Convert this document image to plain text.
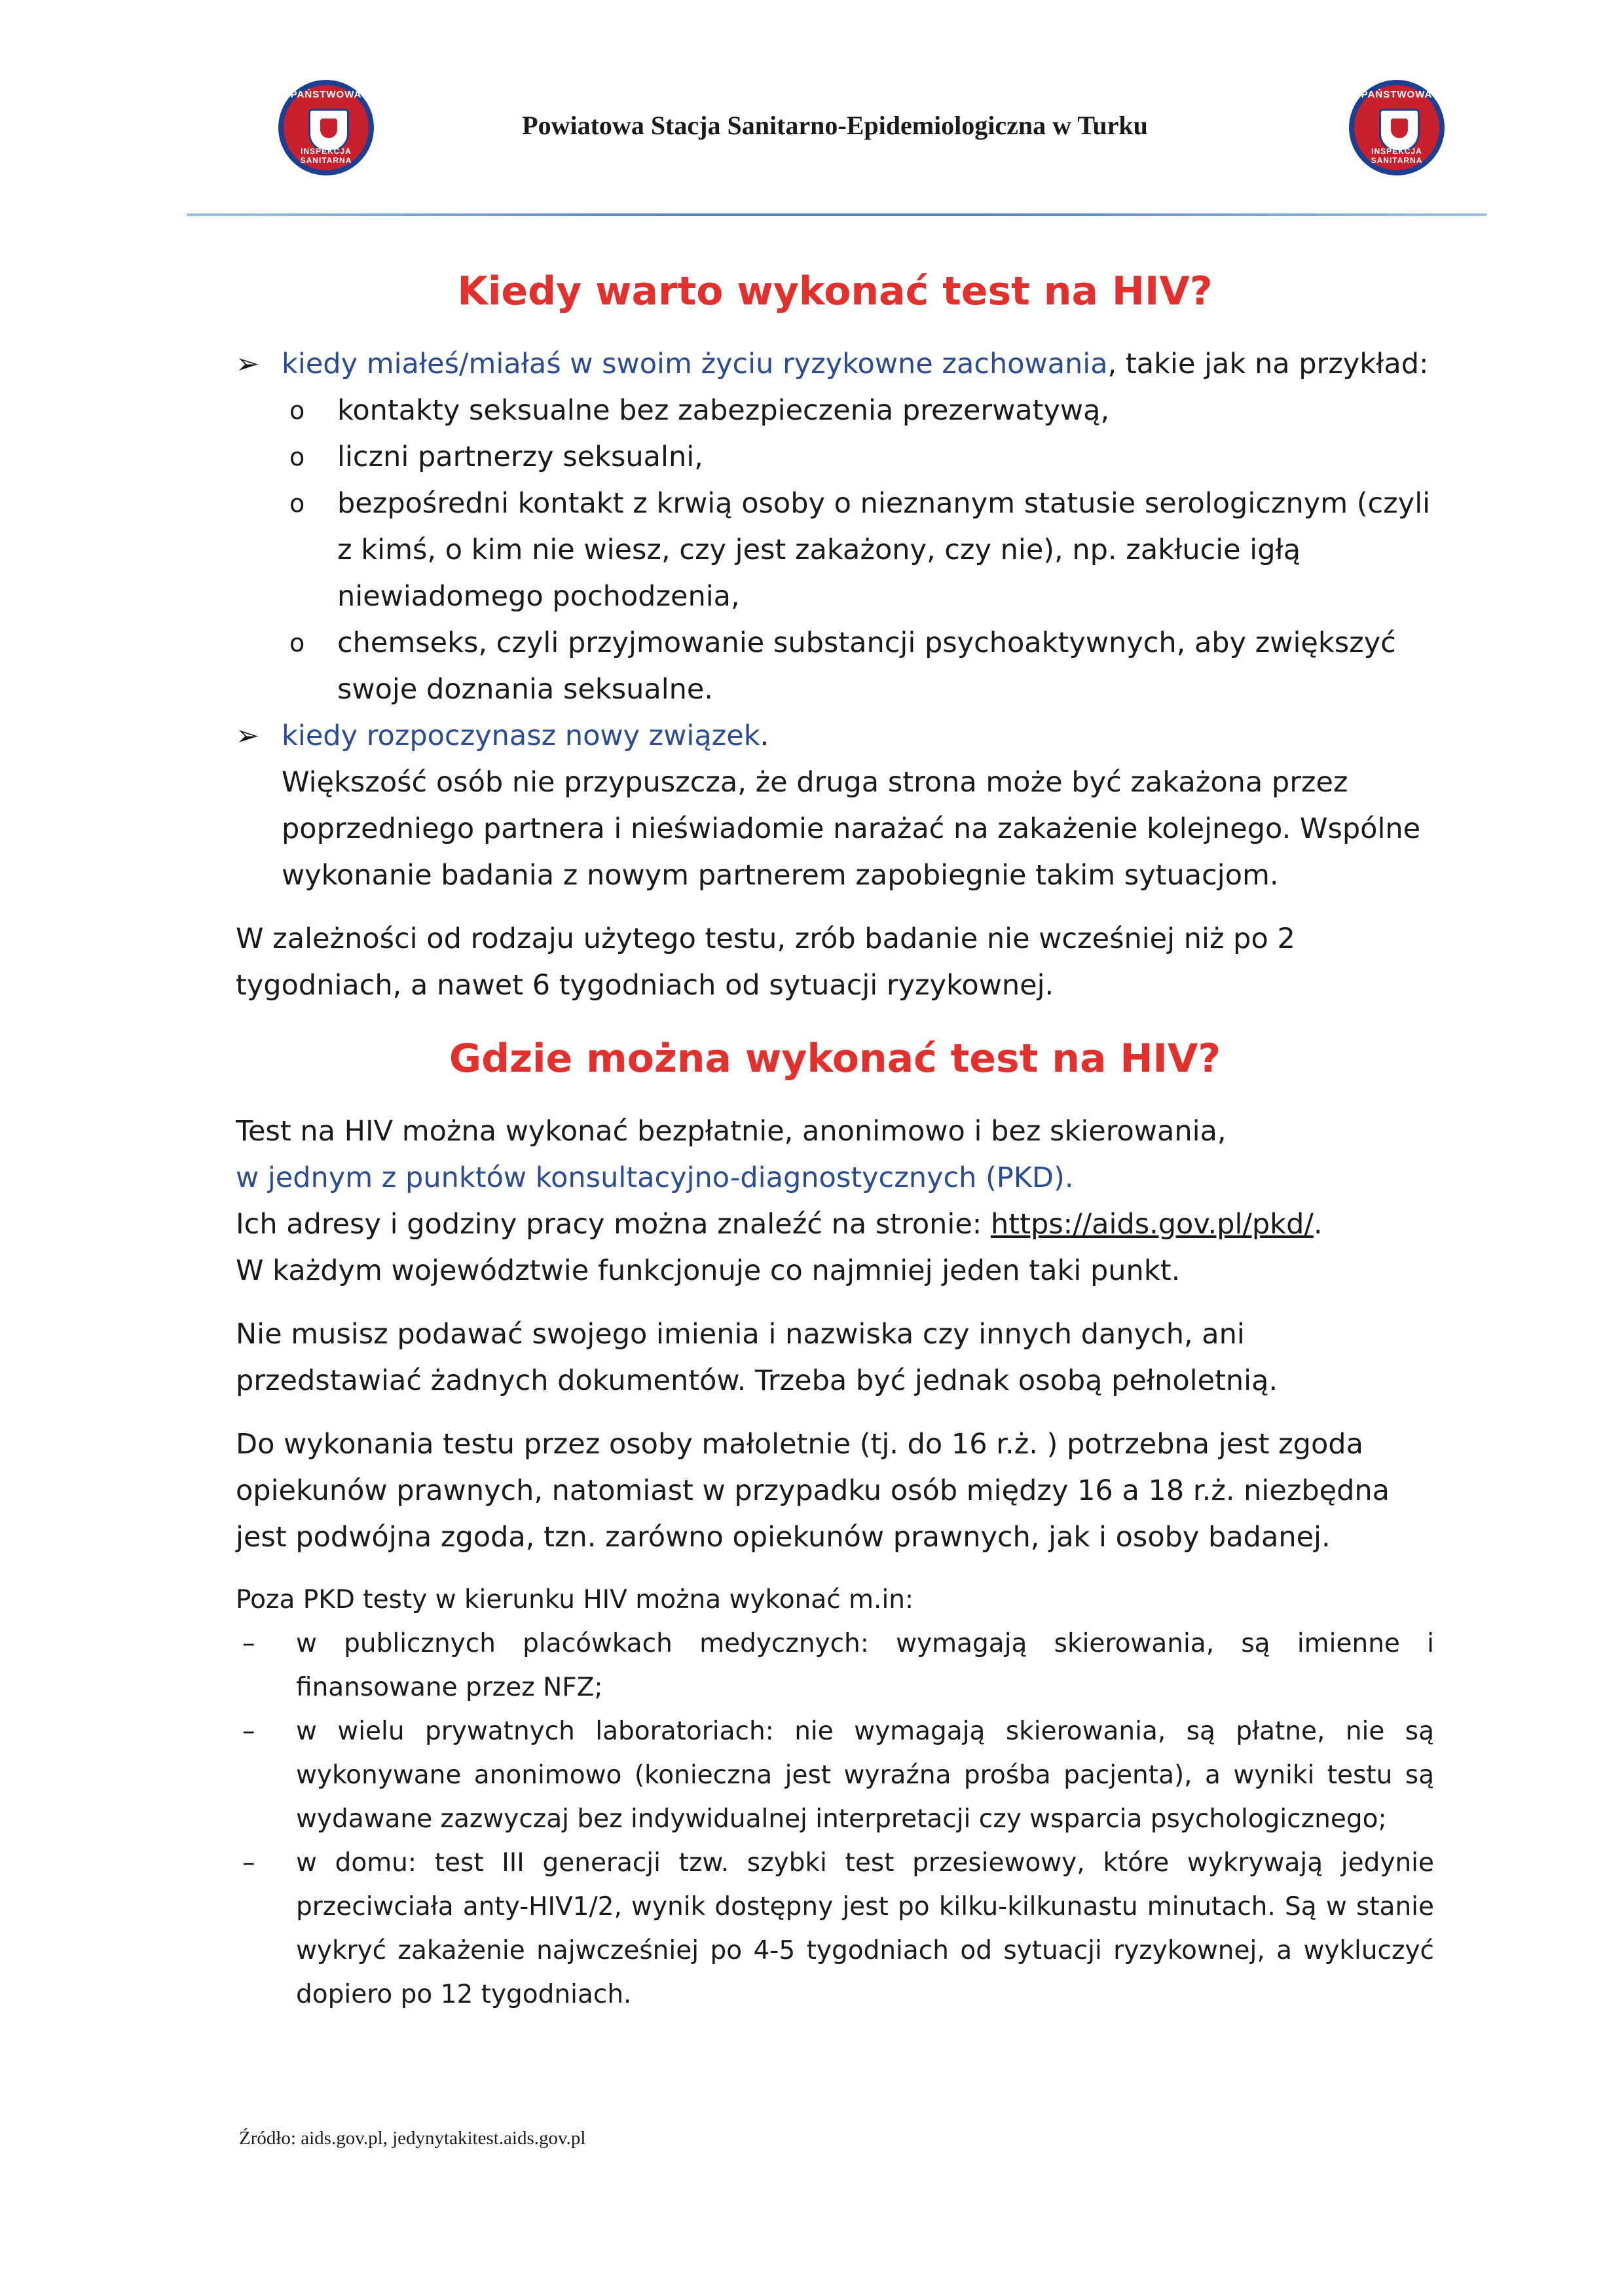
PAŃSTWOWA
INSPEKCJA SANITARNA
Powiatowa Stacja Sanitarno-Epidemiologiczna w Turku
PAŃSTWOWA
INSPEKCJA SANITARNA
Kiedy warto wykonać test na HIV?
➢ kiedy miałeś/miałaś w swoim życiu ryzykowne zachowania, takie jak na przykład:
o kontakty seksualne bez zabezpieczenia prezerwatywą,
o liczni partnerzy seksualni,
o bezpośredni kontakt z krwią osoby o nieznanym statusie serologicznym (czyli z kimś, o kim nie wiesz, czy jest zakażony, czy nie), np. zakłucie igłą niewiadomego pochodzenia,
o chemseks, czyli przyjmowanie substancji psychoaktywnych, aby zwiększyć swoje doznania seksualne.
➢ kiedy rozpoczynasz nowy związek.
Większość osób nie przypuszcza, że druga strona może być zakażona przez poprzedniego partnera i nieświadomie narażać na zakażenie kolejnego. Wspólne wykonanie badania z nowym partnerem zapobiegnie takim sytuacjom.

W zależności od rodzaju użytego testu, zrób badanie nie wcześniej niż po 2 tygodniach, a nawet 6 tygodniach od sytuacji ryzykownej.

Gdzie można wykonać test na HIV?

Test na HIV można wykonać bezpłatnie, anonimowo i bez skierowania,
w jednym z punktów konsultacyjno-diagnostycznych (PKD).
Ich adresy i godziny pracy można znaleźć na stronie: https://aids.gov.pl/pkd/.
W każdym województwie funkcjonuje co najmniej jeden taki punkt.

Nie musisz podawać swojego imienia i nazwiska czy innych danych, ani przedstawiać żadnych dokumentów. Trzeba być jednak osobą pełnoletnią.

Do wykonania testu przez osoby małoletnie (tj. do 16 r.ż. ) potrzebna jest zgoda opiekunów prawnych, natomiast w przypadku osób między 16 a 18 r.ż. niezbędna jest podwójna zgoda, tzn. zarówno opiekunów prawnych, jak i osoby badanej.

Poza PKD testy w kierunku HIV można wykonać m.in:

– w publicznych placówkach medycznych: wymagają skierowania, są imienne i finansowane przez NFZ;
– w wielu prywatnych laboratoriach: nie wymagają skierowania, są płatne, nie są wykonywane anonimowo (konieczna jest wyraźna prośba pacjenta), a wyniki testu są wydawane zazwyczaj bez indywidualnej interpretacji czy wsparcia psychologicznego;
– w domu: test III generacji tzw. szybki test przesiewowy, które wykrywają jedynie przeciwciała anty-HIV1/2, wynik dostępny jest po kilku-kilkunastu minutach. Są w stanie wykryć zakażenie najwcześniej po 4-5 tygodniach od sytuacji ryzykownej, a wykluczyć dopiero po 12 tygodniach.
Źródło: aids.gov.pl, jedynytakitest.aids.gov.pl
